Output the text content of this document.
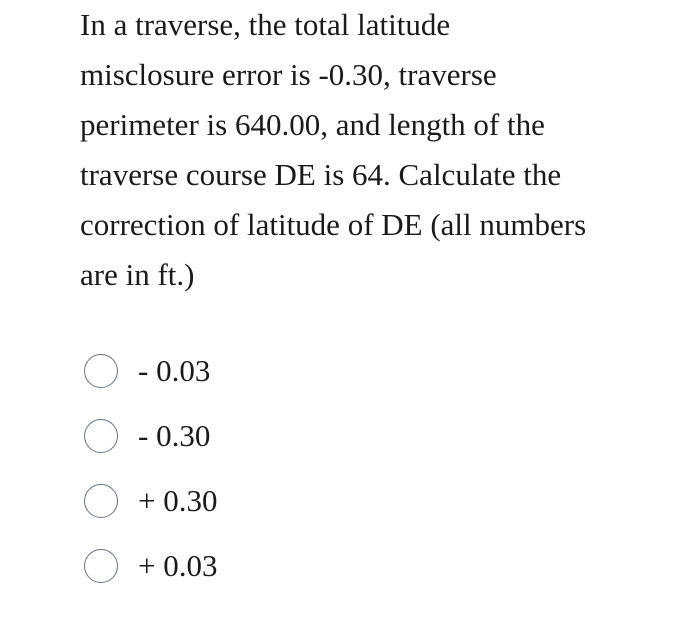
In a traverse, the total latitude
misclosure error is -0.30, traverse
perimeter is 640.00, and length of the
traverse course DE is 64. Calculate the
correction of latitude of DE (all numbers
are in ft.)
- 0.03
- 0.30
+ 0.30
+ 0.03
